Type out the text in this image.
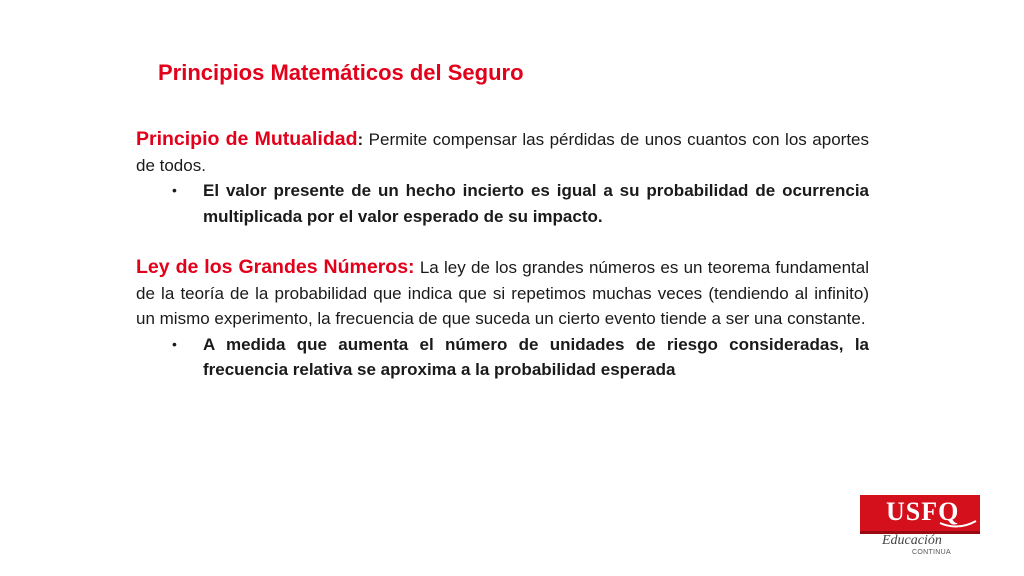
Principios Matemáticos del Seguro

Principio de Mutualidad: Permite compensar las pérdidas de unos cuantos con los aportes de todos.

•	El valor presente de un hecho incierto es igual a su probabilidad de ocurrencia multiplicada por el valor esperado de su impacto.

Ley de los Grandes Números: La ley de los grandes números es un teorema fundamental de la teoría de la probabilidad que indica que si repetimos muchas veces (tendiendo al infinito) un mismo experimento, la frecuencia de que suceda un cierto evento tiende a ser una constante.

•	A medida que aumenta el número de unidades de riesgo consideradas, la frecuencia relativa se aproxima a la probabilidad esperada
USFQ
Educación
CONTINUA
